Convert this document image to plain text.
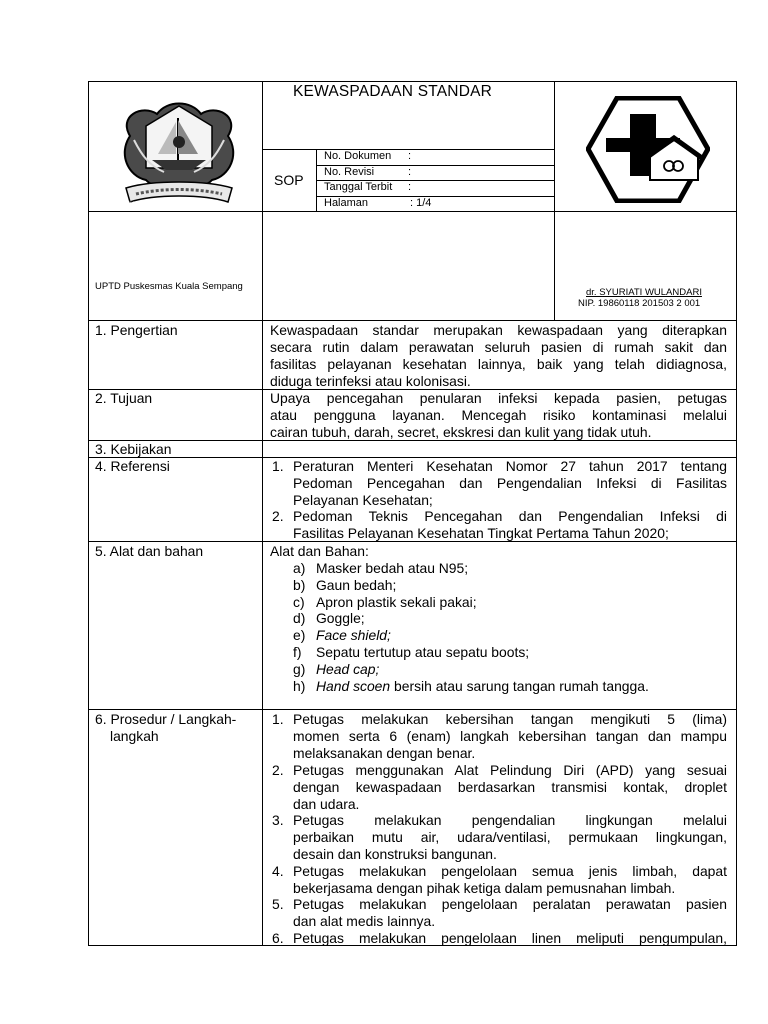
TAK BERSAUAL · PEMERINTAH KAB. BINTAN
KEWASPADAAN STANDAR
SOP
No. Dokumen :
No. Revisi	:
Tanggal Terbit :
Halaman	: 1/4
UPTD Puskesmas Kuala Sempang
dr. SYURIATI WULANDARI
NIP. 19860118 201503 2 001
1. Pengertian	Kewaspadaan standar merupakan kewaspadaan yang diterapkan
secara rutin dalam perawatan seluruh pasien di rumah sakit dan
fasilitas pelayanan kesehatan lainnya, baik yang telah didiagnosa,
diduga terinfeksi atau kolonisasi.
2. Tujuan	Upaya pencegahan penularan infeksi kepada pasien, petugas
atau pengguna layanan. Mencegah risiko kontaminasi melalui
cairan tubuh, darah, secret, ekskresi dan kulit yang tidak utuh.
3. Kebijakan
4. Referensi	1. Peraturan Menteri Kesehatan Nomor 27 tahun 2017 tentang
Pedoman Pencegahan dan Pengendalian Infeksi di Fasilitas
Pelayanan Kesehatan;
2. Pedoman Teknis Pencegahan dan Pengendalian Infeksi di
Fasilitas Pelayanan Kesehatan Tingkat Pertama Tahun 2020;
5. Alat dan bahan	Alat dan Bahan:
a) Masker bedah atau N95;
b) Gaun bedah;
c) Apron plastik sekali pakai;
d) Goggle;
e) Face shield;
f) Sepatu tertutup atau sepatu boots;
g) Head cap;
h) Hand scoen bersih atau sarung tangan rumah tangga.
6. Prosedur / Langkah-
langkah
1. Petugas melakukan kebersihan tangan mengikuti 5 (lima)
momen serta 6 (enam) langkah kebersihan tangan dan mampu
melaksanakan dengan benar.
2. Petugas menggunakan Alat Pelindung Diri (APD) yang sesuai
dengan kewaspadaan berdasarkan transmisi kontak, droplet
dan udara.
3. Petugas melakukan pengendalian lingkungan melalui
perbaikan mutu air, udara/ventilasi, permukaan lingkungan,
desain dan konstruksi bangunan.
4. Petugas melakukan pengelolaan semua jenis limbah, dapat
bekerjasama dengan pihak ketiga dalam pemusnahan limbah.
5. Petugas melakukan pengelolaan peralatan perawatan pasien
dan alat medis lainnya.
6. Petugas melakukan pengelolaan linen meliputi pengumpulan,
